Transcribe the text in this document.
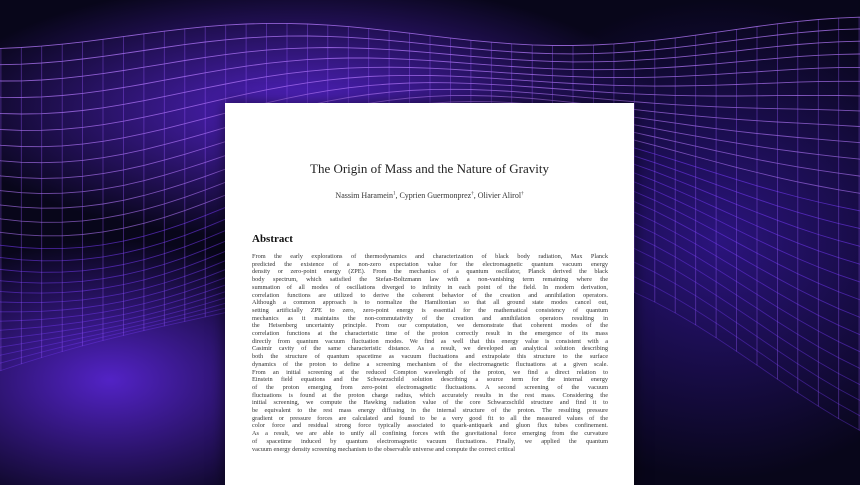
The Origin of Mass and the Nature of Gravity
Nassim Haramein$^1$, Cyprien Guermonprez†, Olivier Alirol†
Abstract
From the early explorations of thermodynamics and characterization of black body radiation, Max Planck
predicted the existence of a non-zero expectation value for the electromagnetic quantum vacuum energy
density or zero-point energy (ZPE). From the mechanics of a quantum oscillator, Planck derived the black
body spectrum, which satisfied the Stefan-Boltzmann law with a non-vanishing term remaining where the
summation of all modes of oscillations diverged to infinity in each point of the field. In modern derivation,
correlation functions are utilized to derive the coherent behavior of the creation and annihilation operators.
Although a common approach is to normalize the Hamiltonian so that all ground state modes cancel out,
setting artificially ZPE to zero, zero-point energy is essential for the mathematical consistency of quantum
mechanics as it maintains the non-commutativity of the creation and annihilation operators resulting in
the Heisenberg uncertainty principle. From our computation, we demonstrate that coherent modes of the
correlation functions at the characteristic time of the proton correctly result in the emergence of its mass
directly from quantum vacuum fluctuation modes. We find as well that this energy value is consistent with a
Casimir cavity of the same characteristic distance. As a result, we developed an analytical solution describing
both the structure of quantum spacetime as vacuum fluctuations and extrapolate this structure to the surface
dynamics of the proton to define a screening mechanism of the electromagnetic fluctuations at a given scale.
From an initial screening at the reduced Compton wavelength of the proton, we find a direct relation to
Einstein field equations and the Schwarzschild solution describing a source term for the internal energy
of the proton emerging from zero-point electromagnetic fluctuations. A second screening of the vacuum
fluctuations is found at the proton charge radius, which accurately results in the rest mass. Considering the
initial screening, we compute the Hawking radiation value of the core Schwarzschild structure and find it to
be equivalent to the rest mass energy diffusing in the internal structure of the proton. The resulting pressure
gradient or pressure forces are calculated and found to be a very good fit to all the measured values of the
color force and residual strong force typically associated to quark-antiquark and gluon flux tubes confinement.
As a result, we are able to unify all confining forces with the gravitational force emerging from the curvature
of spacetime induced by quantum electromagnetic vacuum fluctuations. Finally, we applied the quantum
vacuum energy density screening mechanism to the observable universe and compute the correct critical
